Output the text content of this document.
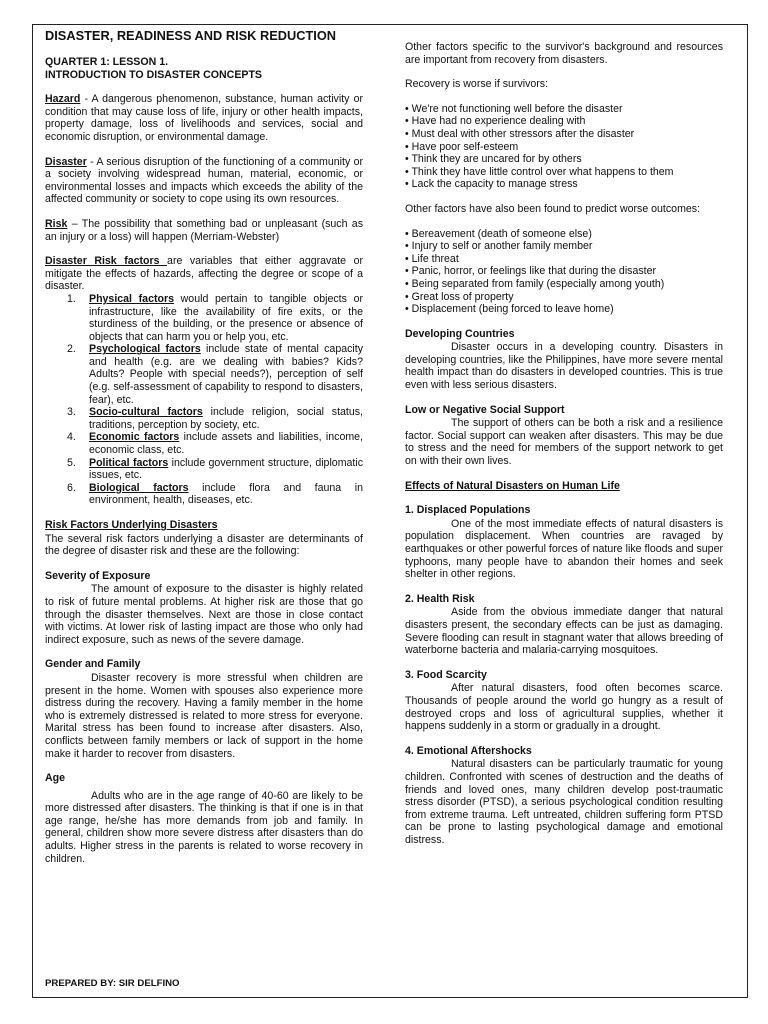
DISASTER, READINESS AND RISK REDUCTION
QUARTER 1: LESSON 1.
INTRODUCTION TO DISASTER CONCEPTS

Hazard - A dangerous phenomenon, substance, human activity or condition that may cause loss of life, injury or other health impacts, property damage, loss of livelihoods and services, social and economic disruption, or environmental damage.

Disaster - A serious disruption of the functioning of a community or a society involving widespread human, material, economic, or environmental losses and impacts which exceeds the ability of the affected community or society to cope using its own resources.

Risk – The possibility that something bad or unpleasant (such as an injury or a loss) will happen (Merriam-Webster)

Disaster Risk factors are variables that either aggravate or mitigate the effects of hazards, affecting the degree or scope of a disaster.

1. Physical factors would pertain to tangible objects or infrastructure, like the availability of fire exits, or the sturdiness of the building, or the presence or absence of objects that can harm you or help you, etc.
2. Psychological factors include state of mental capacity and health (e.g. are we dealing with babies? Kids? Adults? People with special needs?), perception of self (e.g. self-assessment of capability to respond to disasters, fear), etc.
3. Socio-cultural factors include religion, social status, traditions, perception by society, etc.
4. Economic factors include assets and liabilities, income, economic class, etc.
5. Political factors include government structure, diplomatic issues, etc.
6. Biological factors include flora and fauna in environment, health, diseases, etc.
Risk Factors Underlying Disasters

The several risk factors underlying a disaster are determinants of the degree of disaster risk and these are the following:

Severity of Exposure

The amount of exposure to the disaster is highly related to risk of future mental problems. At higher risk are those that go through the disaster themselves. Next are those in close contact with victims. At lower risk of lasting impact are those who only had indirect exposure, such as news of the severe damage.

Gender and Family

Disaster recovery is more stressful when children are present in the home. Women with spouses also experience more distress during the recovery. Having a family member in the home who is extremely distressed is related to more stress for everyone. Marital stress has been found to increase after disasters. Also, conflicts between family members or lack of support in the home make it harder to recover from disasters.

Age

Adults who are in the age range of 40-60 are likely to be more distressed after disasters. The thinking is that if one is in that age range, he/she has more demands from job and family. In general, children show more severe distress after disasters than do adults. Higher stress in the parents is related to worse recovery in children.

Other factors specific to the survivor's background and resources are important from recovery from disasters.

Recovery is worse if survivors:

• We're not functioning well before the disaster
• Have had no experience dealing with
• Must deal with other stressors after the disaster
• Have poor self-esteem
• Think they are uncared for by others
• Think they have little control over what happens to them
• Lack the capacity to manage stress

Other factors have also been found to predict worse outcomes:

• Bereavement (death of someone else)
• Injury to self or another family member
• Life threat
• Panic, horror, or feelings like that during the disaster
• Being separated from family (especially among youth)
• Great loss of property
• Displacement (being forced to leave home)
Developing Countries

Disaster occurs in a developing country. Disasters in developing countries, like the Philippines, have more severe mental health impact than do disasters in developed countries. This is true even with less serious disasters.

Low or Negative Social Support

The support of others can be both a risk and a resilience factor. Social support can weaken after disasters. This may be due to stress and the need for members of the support network to get on with their own lives.

Effects of Natural Disasters on Human Life
1. Displaced Populations

One of the most immediate effects of natural disasters is population displacement. When countries are ravaged by earthquakes or other powerful forces of nature like floods and super typhoons, many people have to abandon their homes and seek shelter in other regions.

2. Health Risk

Aside from the obvious immediate danger that natural disasters present, the secondary effects can be just as damaging. Severe flooding can result in stagnant water that allows breeding of waterborne bacteria and malaria-carrying mosquitoes.

3. Food Scarcity

After natural disasters, food often becomes scarce. Thousands of people around the world go hungry as a result of destroyed crops and loss of agricultural supplies, whether it happens suddenly in a storm or gradually in a drought.

4. Emotional Aftershocks

Natural disasters can be particularly traumatic for young children. Confronted with scenes of destruction and the deaths of friends and loved ones, many children develop post-traumatic stress disorder (PTSD), a serious psychological condition resulting from extreme trauma. Left untreated, children suffering form PTSD can be prone to lasting psychological damage and emotional distress.

PREPARED BY: SIR DELFINO
